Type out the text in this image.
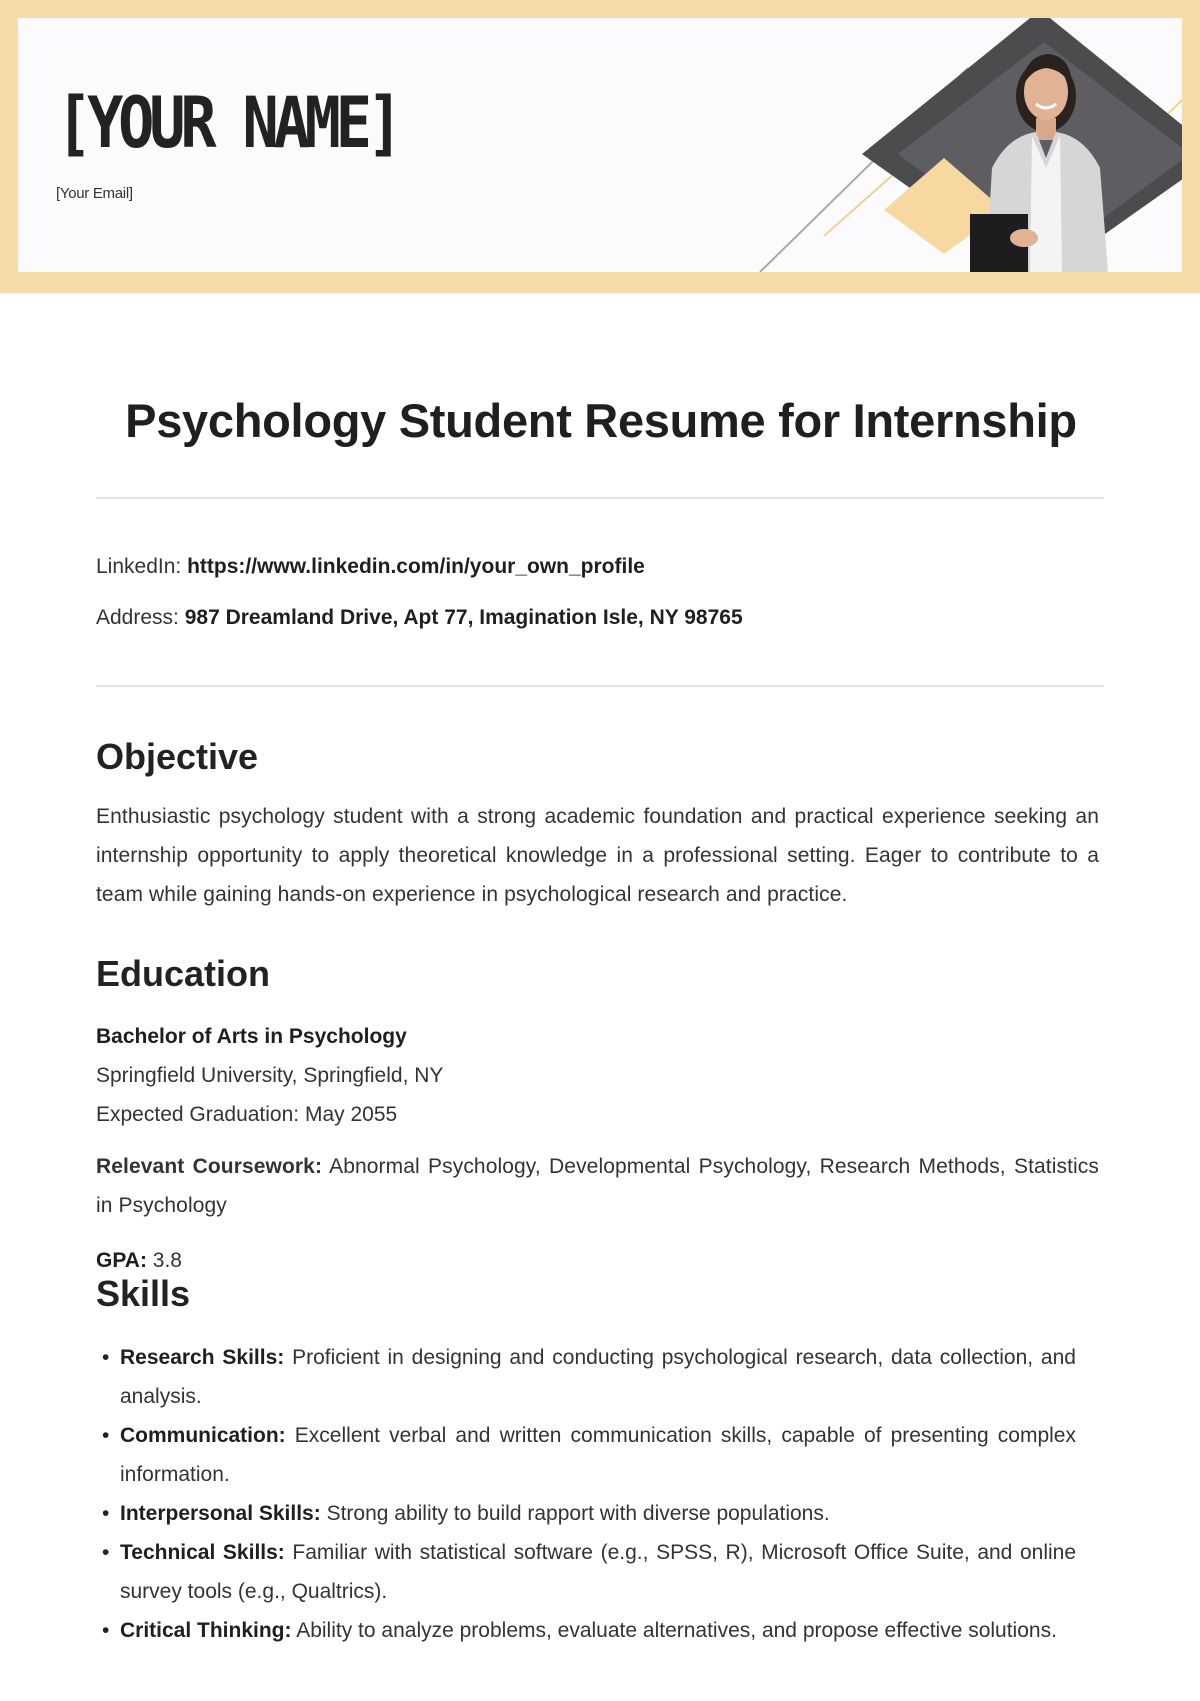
[YOUR NAME]
[Your Email]
Psychology Student Resume for Internship
LinkedIn: https://www.linkedin.com/in/your_own_profile
Address: 987 Dreamland Drive, Apt 77, Imagination Isle, NY 98765
Objective
Enthusiastic psychology student with a strong academic foundation and practical experience seeking an internship opportunity to apply theoretical knowledge in a professional setting. Eager to contribute to a team while gaining hands-on experience in psychological research and practice.
Education
Bachelor of Arts in Psychology
Springfield University, Springfield, NY
Expected Graduation: May 2055
Relevant Coursework: Abnormal Psychology, Developmental Psychology, Research Methods, Statistics in Psychology
GPA: 3.8
Skills
• Research Skills: Proficient in designing and conducting psychological research, data collection, and analysis.
• Communication: Excellent verbal and written communication skills, capable of presenting complex information.
• Interpersonal Skills: Strong ability to build rapport with diverse populations.
• Technical Skills: Familiar with statistical software (e.g., SPSS, R), Microsoft Office Suite, and online survey tools (e.g., Qualtrics).
• Critical Thinking: Ability to analyze problems, evaluate alternatives, and propose effective solutions.
